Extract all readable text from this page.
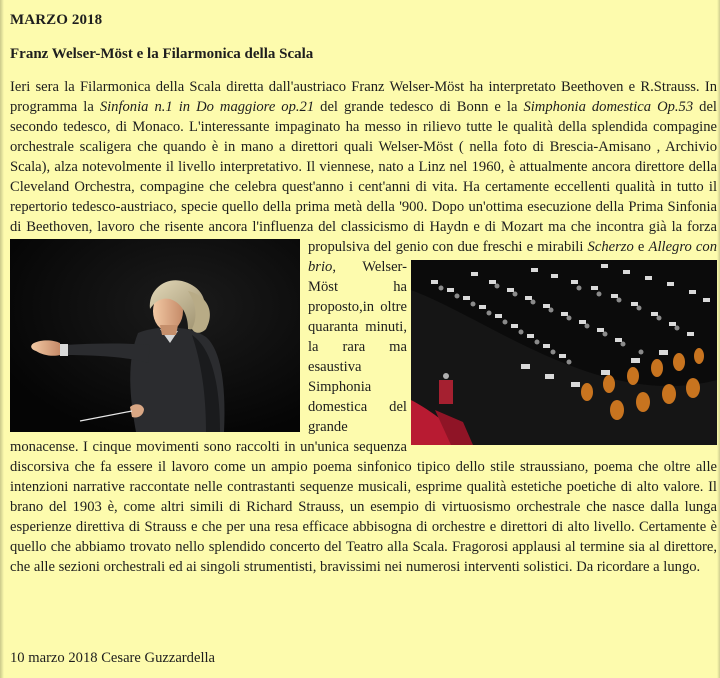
MARZO 2018
Franz Welser-Möst e la Filarmonica della Scala

Ieri sera la Filarmonica della Scala diretta dall'austriaco Franz Welser-Möst ha interpretato Beethoven e R.Strauss. In programma la Sinfonia n.1 in Do maggiore op.21 del grande tedesco di Bonn e la Simphonia domestica Op.53 del secondo tedesco, di Monaco. L'interessante impaginato ha messo in rilievo tutte le qualità della splendida compagine orchestrale scaligera che quando è in mano a direttori quali Welser-Möst ( nella foto di Brescia-Amisano , Archivio Scala), alza notevolmente il livello interpretativo. Il viennese, nato a Linz nel 1960, è attualmente ancora direttore della Cleveland Orchestra, compagine che celebra quest'anno i cent'anni di vita. Ha certamente eccellenti qualità in tutto il repertorio tedesco-austriaco, specie quello della prima metà della '900. Dopo un'ottima esecuzione della Prima Sinfonia di Beethoven, lavoro che risente ancora l'influenza del classicismo di Haydn e di Mozart ma che incontra già la forza propulsiva del genio con due freschi e mirabili
Scherzo e Allegro con brio
, Welser-Möst ha proposto,in oltre quaranta minuti, la rara ma esaustiva Simphonia domestica del grande monacense. I cinque movimenti sono raccolti in un'unica sequenza discorsiva che fa essere il lavoro come un ampio poema sinfonico tipico dello stile straussiano, poema che oltre alle intenzioni narrative raccontate nelle contrastanti sequenze musicali, esprime qualità estetiche poetiche di alto valore. Il brano del 1903 è, come altri simili di Richard Strauss, un esempio di virtuosismo orchestrale che nasce dalla lunga esperienze direttiva di Strauss e che per una resa efficace abbisogna di orchestre e direttori di alto livello. Certamente è quello che abbiamo trovato nello splendido concerto del Teatro alla Scala. Fragorosi applausi al termine sia al direttore, che alle sezioni orchestrali ed ai singoli strumentisti, bravissimi nei numerosi interventi solistici. Da ricordare a lungo.

10 marzo 2018 Cesare Guzzardella
